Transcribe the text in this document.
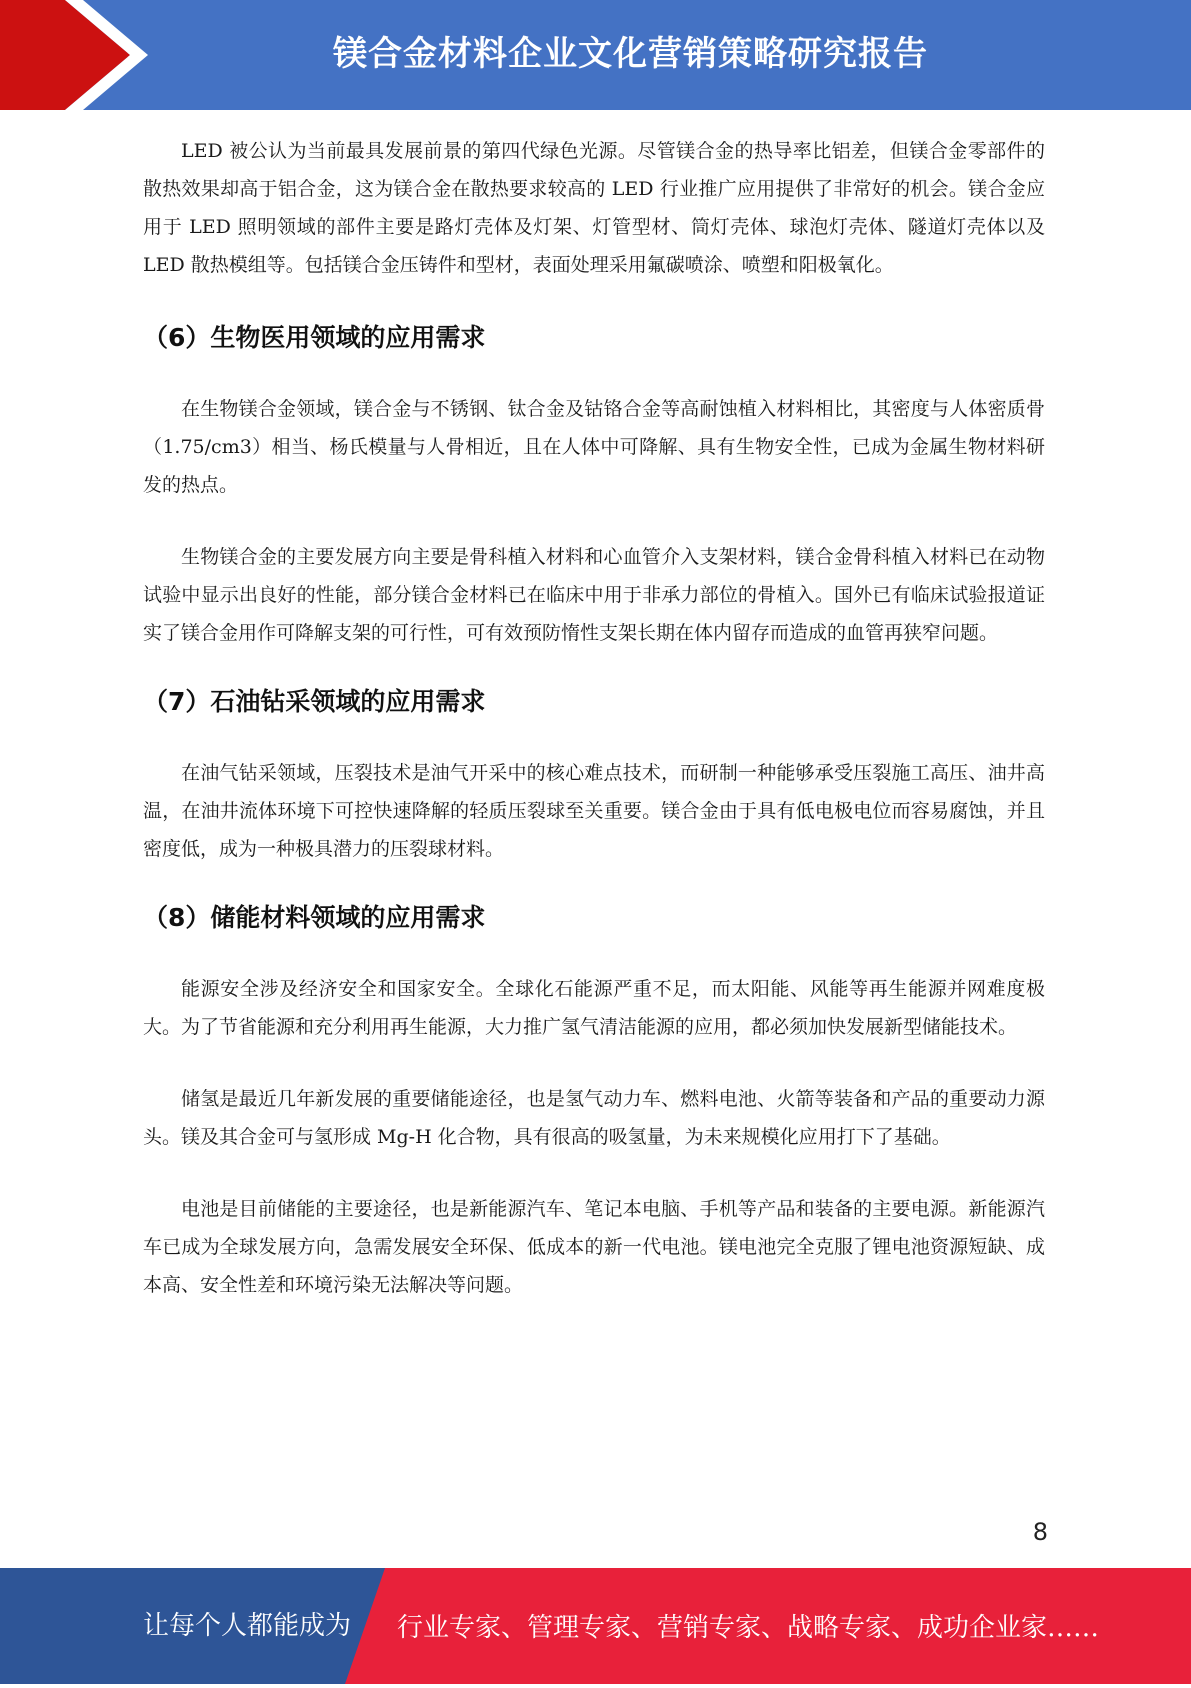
镁合金材料企业文化营销策略研究报告

LED 被公认为当前最具发展前景的第四代绿色光源。尽管镁合金的热导率比铝差，但镁合金零部件的散热效果却高于铝合金，这为镁合金在散热要求较高的 LED 行业推广应用提供了非常好的机会。镁合金应用于 LED 照明领域的部件主要是路灯壳体及灯架、灯管型材、筒灯壳体、球泡灯壳体、隧道灯壳体以及 LED 散热模组等。包括镁合金压铸件和型材，表面处理采用氟碳喷涂、喷塑和阳极氧化。

（6）生物医用领域的应用需求

在生物镁合金领域，镁合金与不锈钢、钛合金及钴铬合金等高耐蚀植入材料相比，其密度与人体密质骨（1.75/cm3）相当、杨氏模量与人骨相近，且在人体中可降解、具有生物安全性，已成为金属生物材料研发的热点。

生物镁合金的主要发展方向主要是骨科植入材料和心血管介入支架材料，镁合金骨科植入材料已在动物试验中显示出良好的性能，部分镁合金材料已在临床中用于非承力部位的骨植入。国外已有临床试验报道证实了镁合金用作可降解支架的可行性，可有效预防惰性支架长期在体内留存而造成的血管再狭窄问题。

（7）石油钻采领域的应用需求

在油气钻采领域，压裂技术是油气开采中的核心难点技术，而研制一种能够承受压裂施工高压、油井高温，在油井流体环境下可控快速降解的轻质压裂球至关重要。镁合金由于具有低电极电位而容易腐蚀，并且密度低，成为一种极具潜力的压裂球材料。

（8）储能材料领域的应用需求

能源安全涉及经济安全和国家安全。全球化石能源严重不足，而太阳能、风能等再生能源并网难度极大。为了节省能源和充分利用再生能源，大力推广氢气清洁能源的应用，都必须加快发展新型储能技术。

储氢是最近几年新发展的重要储能途径，也是氢气动力车、燃料电池、火箭等装备和产品的重要动力源头。镁及其合金可与氢形成 Mg-H 化合物，具有很高的吸氢量，为未来规模化应用打下了基础。

电池是目前储能的主要途径，也是新能源汽车、笔记本电脑、手机等产品和装备的主要电源。新能源汽车已成为全球发展方向，急需发展安全环保、低成本的新一代电池。镁电池完全克服了锂电池资源短缺、成本高、安全性差和环境污染无法解决等问题。

8
让每个人都能成为 行业专家、管理专家、营销专家、战略专家、成功企业家……
